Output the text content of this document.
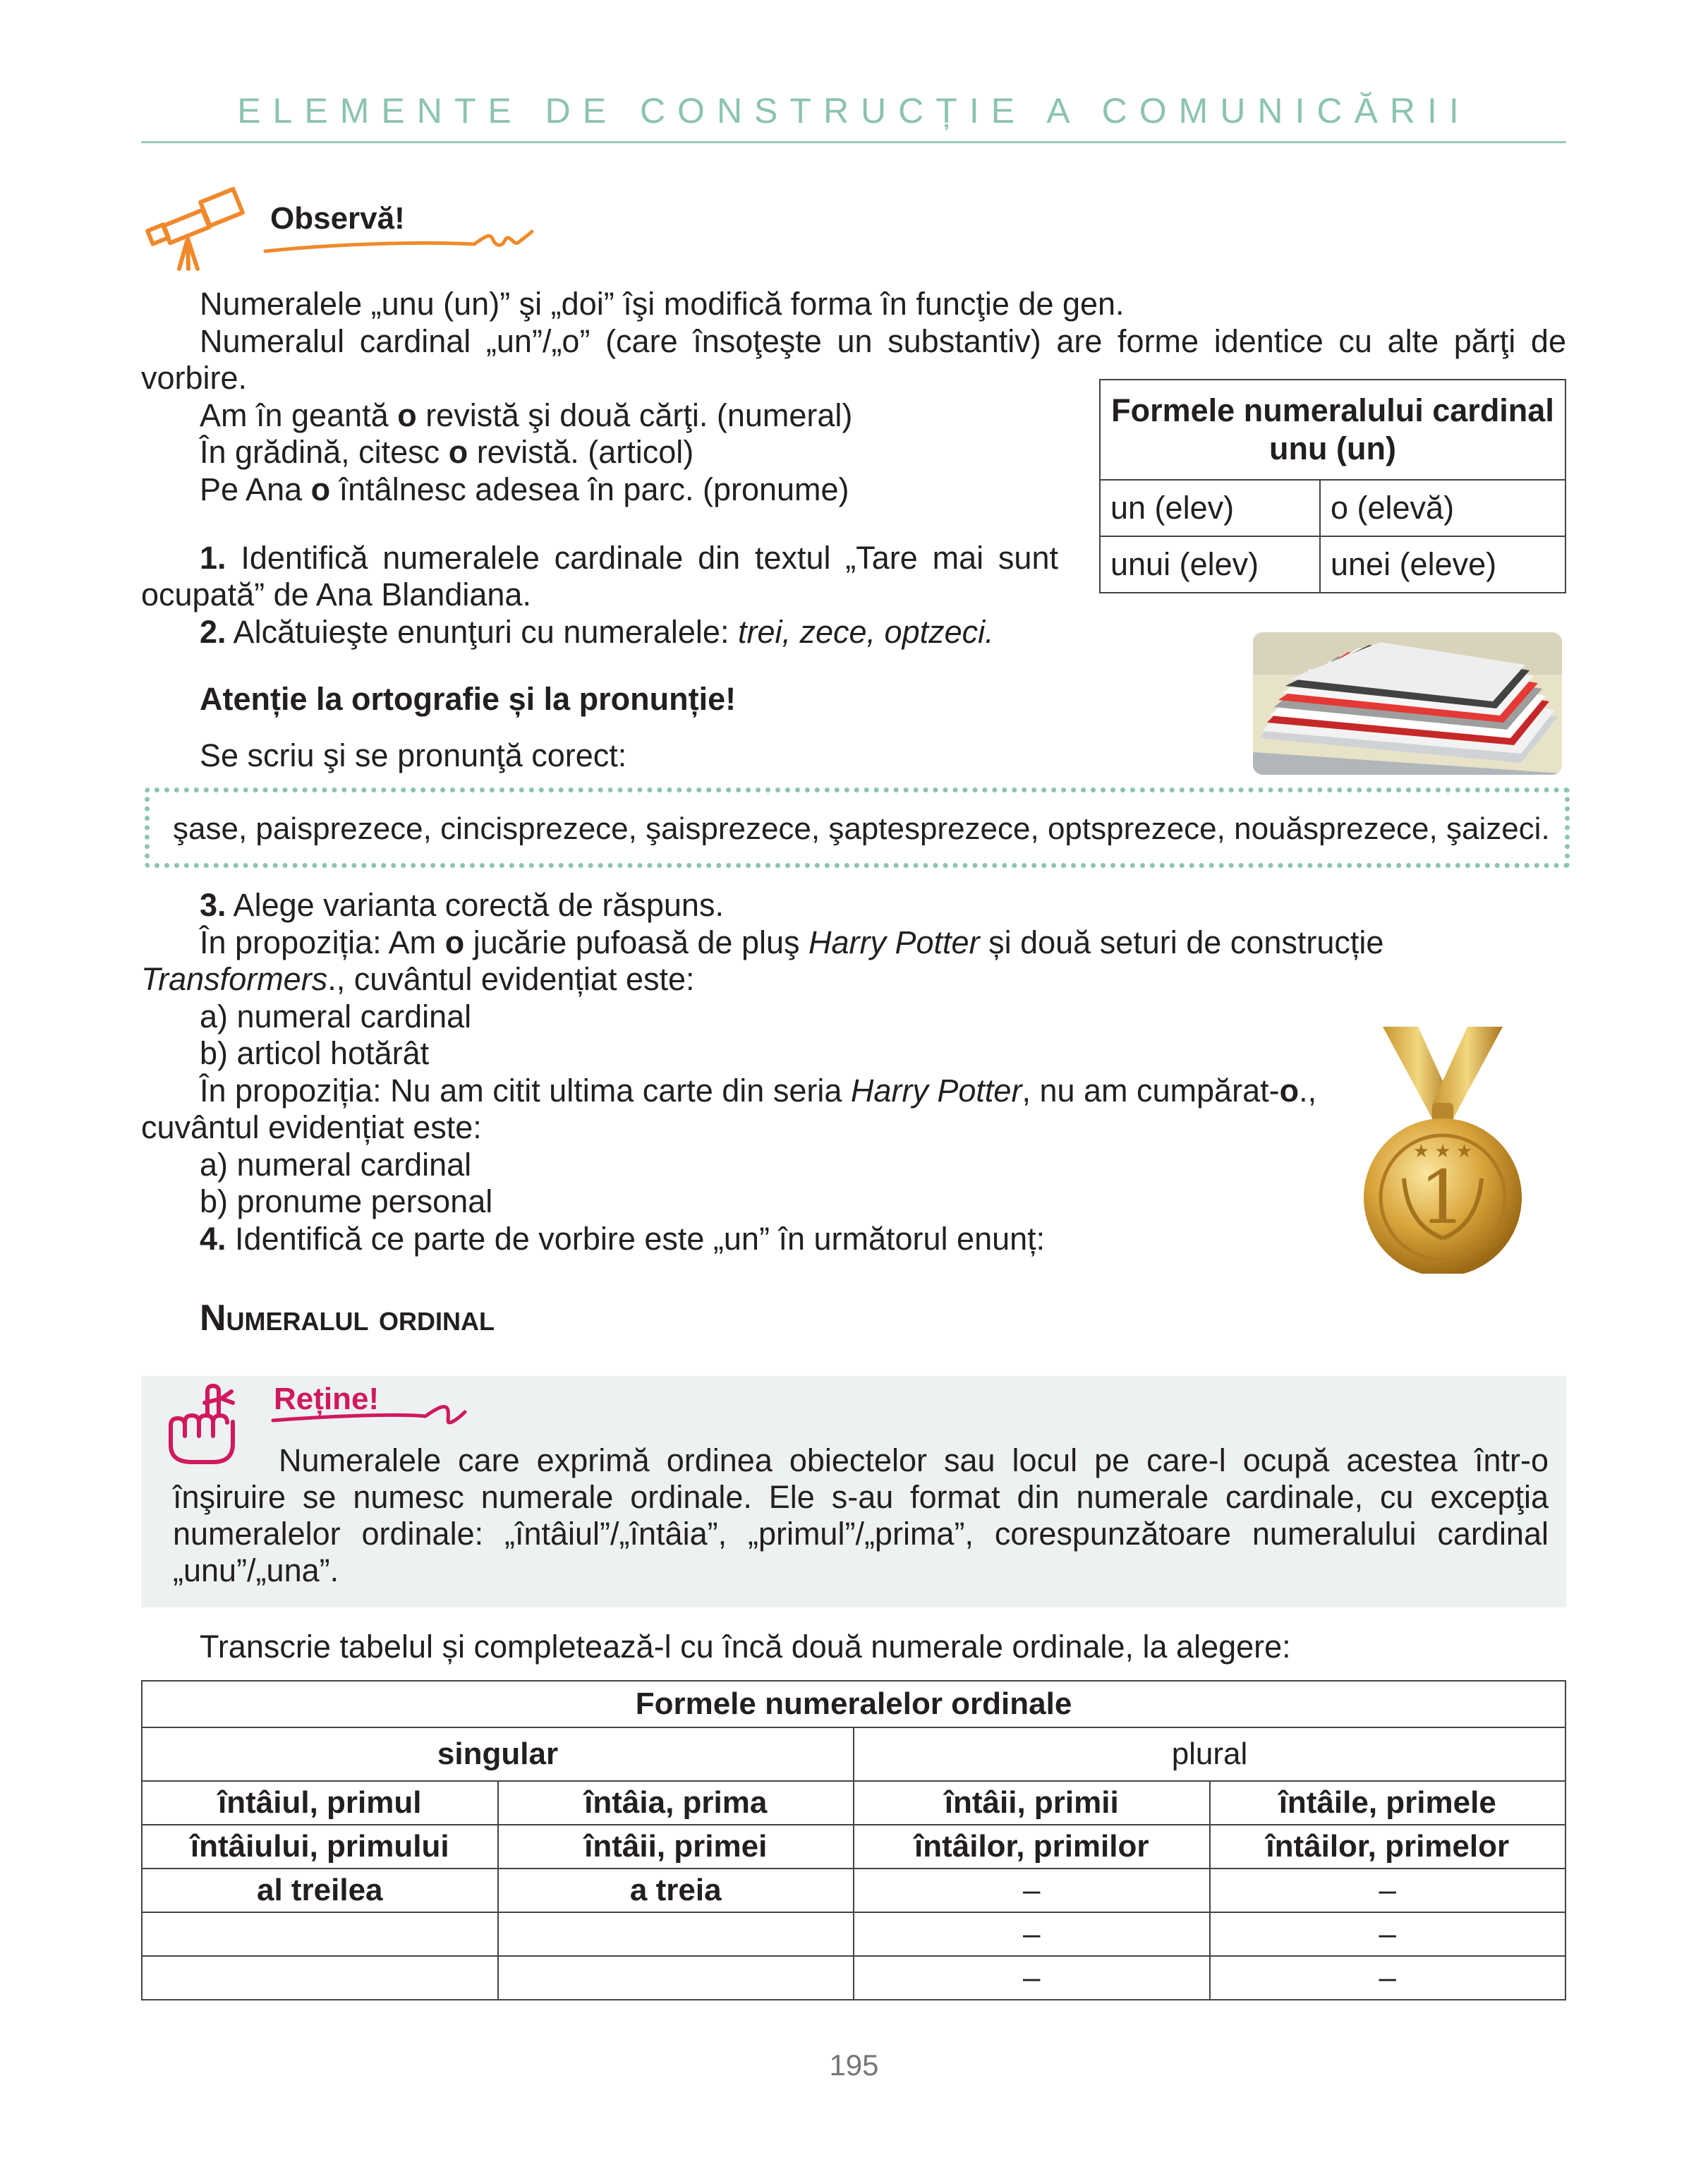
ELEMENTE DE CONSTRUCȚIE A COMUNICĂRII
Observă!

Numeralele „unu (un)” şi „doi” îşi modifică forma în funcţie de gen.

Numeralul cardinal „un”/„o” (care însoţeşte un substantiv) are forme identice cu alte părţi de vorbire.

Am în geantă o revistă şi două cărţi. (numeral)

În grădină, citesc o revistă. (articol)

Pe Ana o întâlnesc adesea în parc. (pronume)

Formele numeralului cardinal unu (un)	
un (elev)	o (elevă)
unui (elev)	unei (eleve)

1. Identifică numeralele cardinale din textul „Tare mai sunt ocupată” de Ana Blandiana.

2. Alcătuieşte enunţuri cu numeralele: trei, zece, optzeci.

Atenție la ortografie și la pronunție!

Se scriu şi se pronunţă corect:

şase, paisprezece, cincisprezece, şaisprezece, şaptesprezece, optsprezece, nouăsprezece, şaizeci.

3. Alege varianta corectă de răspuns.

În propoziția: Am o jucărie pufoasă de pluş Harry Potter și două seturi de construcție Transformers., cuvântul evidențiat este:

a) numeral cardinal

b) articol hotărât

În propoziția: Nu am citit ultima carte din seria Harry Potter, nu am cumpărat-o., cuvântul evidențiat este:

a) numeral cardinal

b) pronume personal

4. Identifică ce parte de vorbire este „un” în următorul enunț:	1
★ ★ ★
Numeralul ordinal
Reține!

Numeralele care exprimă ordinea obiectelor sau locul pe care-l ocupă acestea într-o înşiruire se numesc numerale ordinale. Ele s-au format din numerale cardinale, cu excepţia numeralelor ordinale: „întâiul”/„întâia”, „primul”/„prima”, corespunzătoare numeralului cardinal „unu”/„una”.

Transcrie tabelul și completează-l cu încă două numerale ordinale, la alegere:

Formele numeralelor ordinale			
singular		plural	
întâiul, primul	întâia, prima	întâii, primii	întâile, primele
întâiului, primului	întâii, primei	întâilor, primilor	întâilor, primelor
al treilea	a treia	–	–
		–	–
		–	–
195
